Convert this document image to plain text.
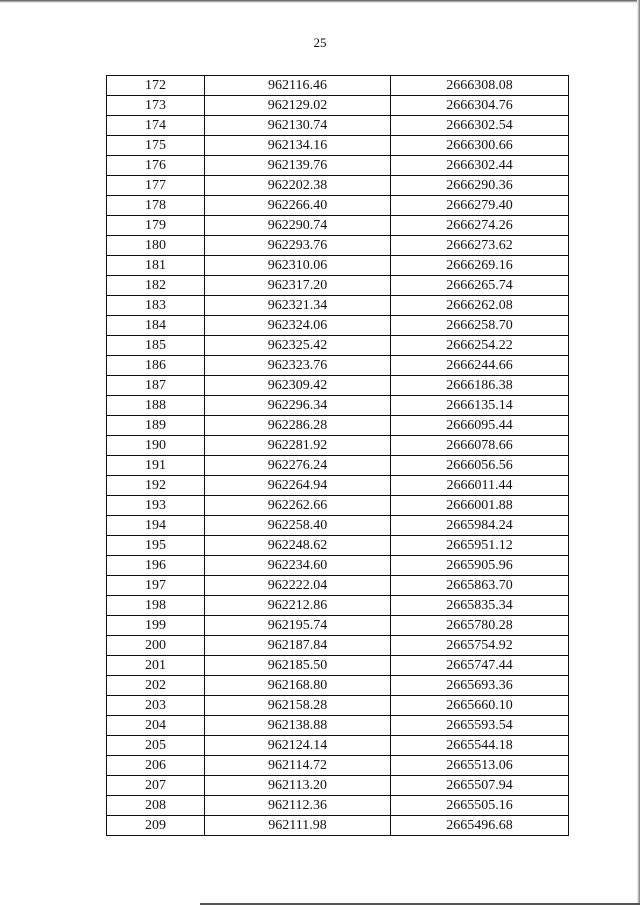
25
172	962116.46	2666308.08
173	962129.02	2666304.76
174	962130.74	2666302.54
175	962134.16	2666300.66
176	962139.76	2666302.44
177	962202.38	2666290.36
178	962266.40	2666279.40
179	962290.74	2666274.26
180	962293.76	2666273.62
181	962310.06	2666269.16
182	962317.20	2666265.74
183	962321.34	2666262.08
184	962324.06	2666258.70
185	962325.42	2666254.22
186	962323.76	2666244.66
187	962309.42	2666186.38
188	962296.34	2666135.14
189	962286.28	2666095.44
190	962281.92	2666078.66
191	962276.24	2666056.56
192	962264.94	2666011.44
193	962262.66	2666001.88
194	962258.40	2665984.24
195	962248.62	2665951.12
196	962234.60	2665905.96
197	962222.04	2665863.70
198	962212.86	2665835.34
199	962195.74	2665780.28
200	962187.84	2665754.92
201	962185.50	2665747.44
202	962168.80	2665693.36
203	962158.28	2665660.10
204	962138.88	2665593.54
205	962124.14	2665544.18
206	962114.72	2665513.06
207	962113.20	2665507.94
208	962112.36	2665505.16
209	962111.98	2665496.68
